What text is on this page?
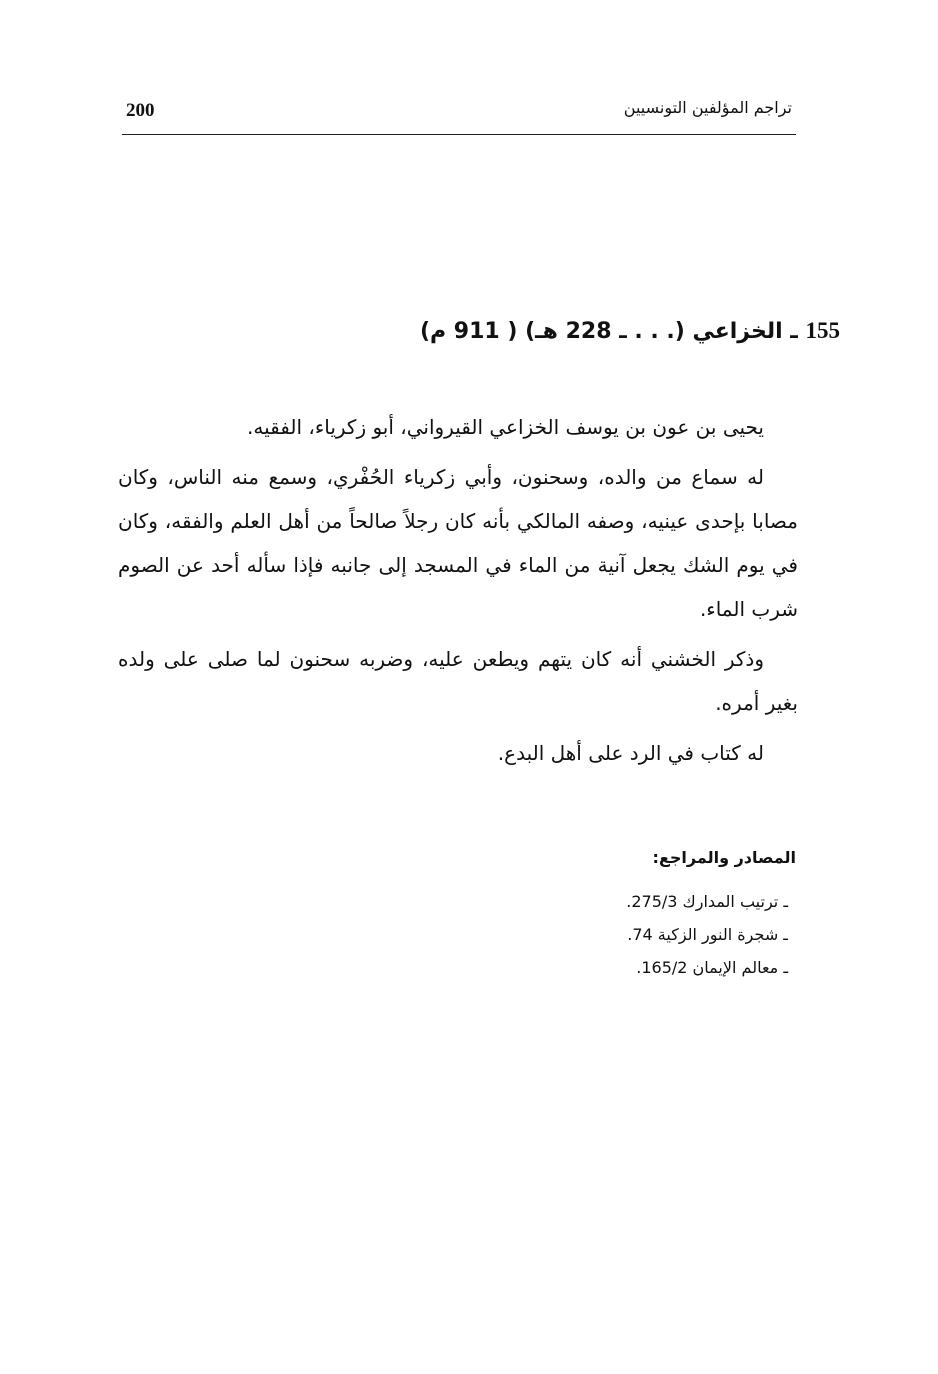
200	تراجم المؤلفين التونسيين
155 ـ الخزاعي (. . . ـ 228 هـ) ( 911 م)

يحيى بن عون بن يوسف الخزاعي القيرواني، أبو زكرياء، الفقيه.

له سماع من والده، وسحنون، وأبي زكرياء الحُفْري، وسمع منه الناس، وكان مصابا بإحدى عينيه، وصفه المالكي بأنه كان رجلاً صالحاً من أهل العلم والفقه، وكان في يوم الشك يجعل آنية من الماء في المسجد إلى جانبه فإذا سأله أحد عن الصوم شرب الماء.

وذكر الخشني أنه كان يتهم ويطعن عليه، وضربه سحنون لما صلى على ولده بغير أمره.

له كتاب في الرد على أهل البدع.

المصادر والمراجع:
ـ ترتيب المدارك 275/3.
ـ شجرة النور الزكية 74.
ـ معالم الإيمان 165/2.
